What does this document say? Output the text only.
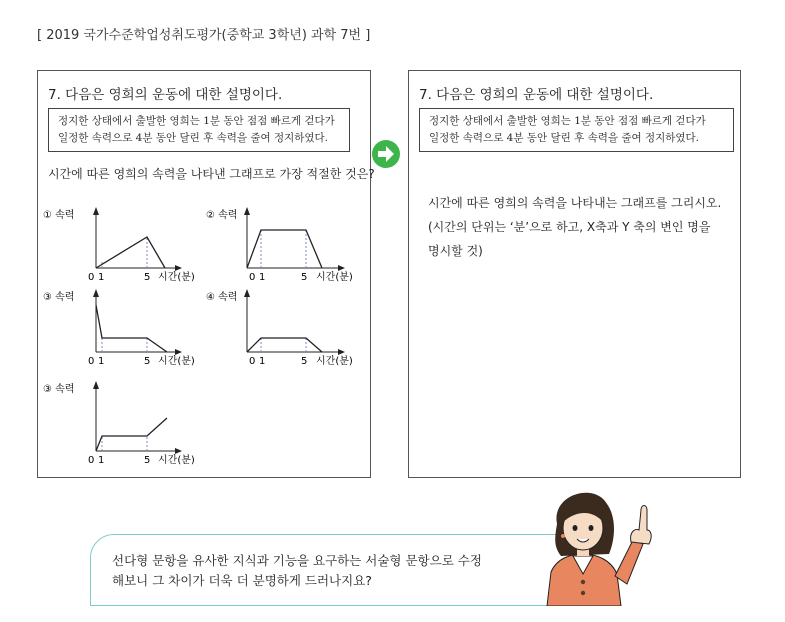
[ 2019 국가수준학업성취도평가(중학교 3학년) 과학 7번 ]
7. 다음은 영희의 운동에 대한 설명이다.
정지한 상태에서 출발한 영희는 1분 동안 점점 빠르게 걷다가
일정한 속력으로 4분 동안 달린 후 속력을 줄여 정지하였다.
시간에 따른 영희의 속력을 나타낸 그래프로 가장 적절한 것은?
① 속력
0 1	5 시간(분)
② 속력
0 1	5 시간(분)
③ 속력
0 1	5 시간(분)
④ 속력
0 1	5 시간(분)
③ 속력
0 1	5 시간(분)
7. 다음은 영희의 운동에 대한 설명이다.
정지한 상태에서 출발한 영희는 1분 동안 점점 빠르게 걷다가
일정한 속력으로 4분 동안 달린 후 속력을 줄여 정지하였다.
시간에 따른 영희의 속력을 나타내는 그래프를 그리시오.
(시간의 단위는 ‘분’으로 하고, X축과 Y 축의 변인 명을
명시할 것)
선다형 문항을 유사한 지식과 기능을 요구하는 서술형 문항으로 수정
해보니 그 차이가 더욱 더 분명하게 드러나지요?
